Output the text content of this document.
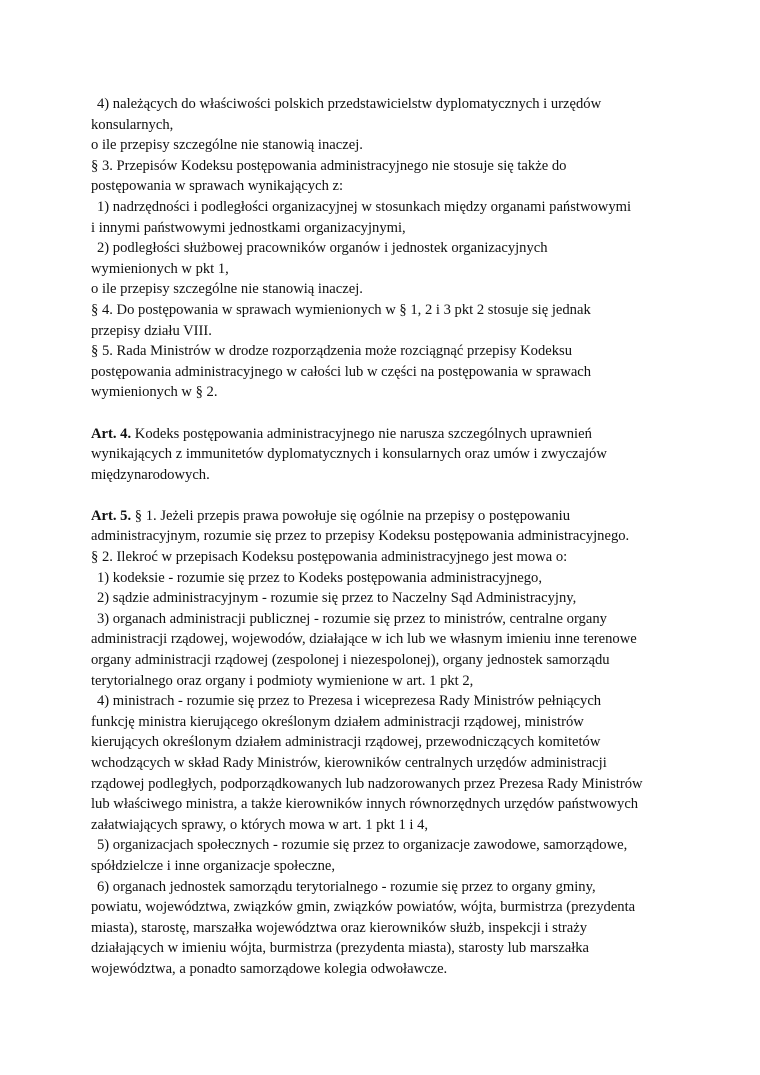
4) należących do właściwości polskich przedstawicielstw dyplomatycznych i urzędów
konsularnych,
o ile przepisy szczególne nie stanowią inaczej.
§ 3. Przepisów Kodeksu postępowania administracyjnego nie stosuje się także do
postępowania w sprawach wynikających z:
1) nadrzędności i podległości organizacyjnej w stosunkach między organami państwowymi
i innymi państwowymi jednostkami organizacyjnymi,
2) podległości służbowej pracowników organów i jednostek organizacyjnych
wymienionych w pkt 1,
o ile przepisy szczególne nie stanowią inaczej.
§ 4. Do postępowania w sprawach wymienionych w § 1, 2 i 3 pkt 2 stosuje się jednak
przepisy działu VIII.
§ 5. Rada Ministrów w drodze rozporządzenia może rozciągnąć przepisy Kodeksu
postępowania administracyjnego w całości lub w części na postępowania w sprawach
wymienionych w § 2.
Art. 4. Kodeks postępowania administracyjnego nie narusza szczególnych uprawnień
wynikających z immunitetów dyplomatycznych i konsularnych oraz umów i zwyczajów
międzynarodowych.
Art. 5. § 1. Jeżeli przepis prawa powołuje się ogólnie na przepisy o postępowaniu
administracyjnym, rozumie się przez to przepisy Kodeksu postępowania administracyjnego.
§ 2. Ilekroć w przepisach Kodeksu postępowania administracyjnego jest mowa o:
1) kodeksie - rozumie się przez to Kodeks postępowania administracyjnego,
2) sądzie administracyjnym - rozumie się przez to Naczelny Sąd Administracyjny,
3) organach administracji publicznej - rozumie się przez to ministrów, centralne organy
administracji rządowej, wojewodów, działające w ich lub we własnym imieniu inne terenowe
organy administracji rządowej (zespolonej i niezespolonej), organy jednostek samorządu
terytorialnego oraz organy i podmioty wymienione w art. 1 pkt 2,
4) ministrach - rozumie się przez to Prezesa i wiceprezesa Rady Ministrów pełniących
funkcję ministra kierującego określonym działem administracji rządowej, ministrów
kierujących określonym działem administracji rządowej, przewodniczących komitetów
wchodzących w skład Rady Ministrów, kierowników centralnych urzędów administracji
rządowej podległych, podporządkowanych lub nadzorowanych przez Prezesa Rady Ministrów
lub właściwego ministra, a także kierowników innych równorzędnych urzędów państwowych
załatwiających sprawy, o których mowa w art. 1 pkt 1 i 4,
5) organizacjach społecznych - rozumie się przez to organizacje zawodowe, samorządowe,
spółdzielcze i inne organizacje społeczne,
6) organach jednostek samorządu terytorialnego - rozumie się przez to organy gminy,
powiatu, województwa, związków gmin, związków powiatów, wójta, burmistrza (prezydenta
miasta), starostę, marszałka województwa oraz kierowników służb, inspekcji i straży
działających w imieniu wójta, burmistrza (prezydenta miasta), starosty lub marszałka
województwa, a ponadto samorządowe kolegia odwoławcze.
